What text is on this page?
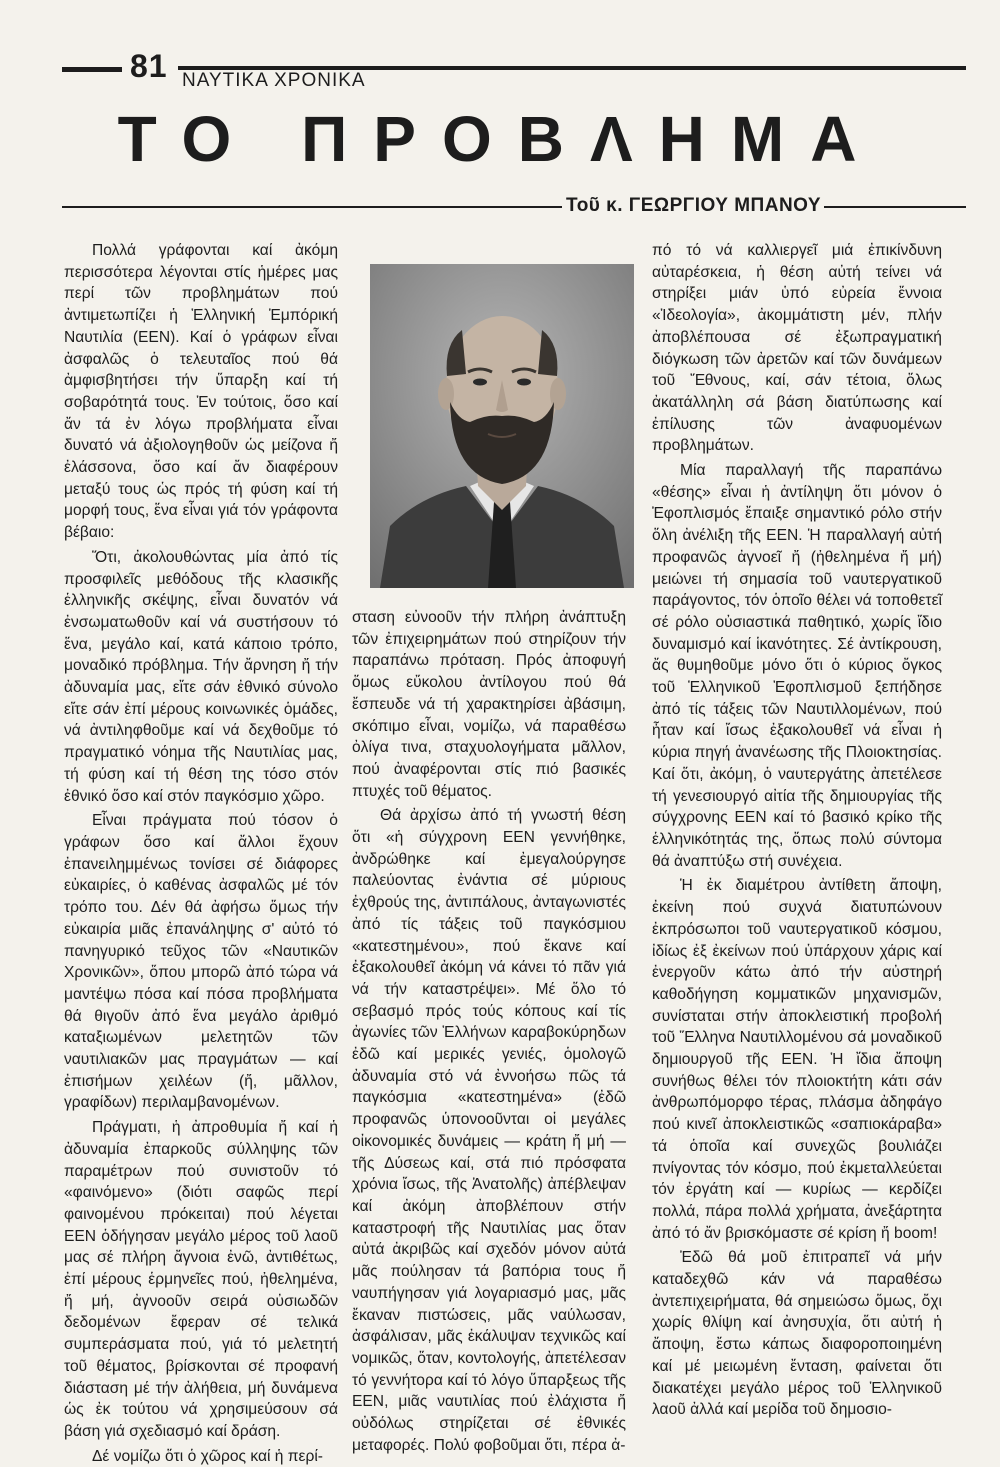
81 ΝΑΥΤΙΚΑ ΧΡΟΝΙΚΑ
ΤΟ ΠΡΟΒΛΗΜΑ
Τοῦ κ. ΓΕΩΡΓΙΟΥ ΜΠΑΝΟΥ

Πολλά γράφονται καί ἀκόμη περισσότερα λέγονται στίς ἡμέρες μας περί τῶν προβλημάτων πού ἀντιμετωπίζει ἡ Ἑλληνική Ἐμπόρική Ναυτιλία (ΕΕΝ). Καί ὁ γράφων εἶναι ἀσφαλῶς ὁ τελευταῖος πού θά ἀμφισβητήσει τήν ὕπαρξη καί τή σοβαρότητά τους. Ἐν τούτοις, ὅσο καί ἄν τά ἐν λόγω προβλήματα εἶναι δυνατό νά ἀξιολογηθοῦν ὡς μείζονα ἤ ἐλάσσονα, ὅσο καί ἄν διαφέρουν μεταξύ τους ὡς πρός τή φύση καί τή μορφή τους, ἕνα εἶναι γιά τόν γράφοντα βέβαιο:

Ὅτι, ἀκολουθώντας μία ἀπό τίς προσφιλεῖς μεθόδους τῆς κλασικῆς ἑλληνικῆς σκέψης, εἶναι δυνατόν νά ἐνσωματωθοῦν καί νά συστήσουν τό ἕνα, μεγάλο καί, κατά κάποιο τρόπο, μοναδικό πρόβλημα. Τήν ἄρνηση ἤ τήν ἀδυναμία μας, εἴτε σάν ἐθνικό σύνολο εἴτε σάν ἐπί μέρους κοινωνικές ὁμάδες, νά ἀντιληφθοῦμε καί νά δεχθοῦμε τό πραγματικό νόημα τῆς Ναυτιλίας μας, τή φύση καί τή θέση της τόσο στόν ἐθνικό ὅσο καί στόν παγκόσμιο χῶρο.

Εἶναι πράγματα πού τόσον ὁ γράφων ὅσο καί ἄλλοι ἔχουν ἐπανειλημμένως τονίσει σέ διάφορες εὐκαιρίες, ὁ καθένας ἀσφαλῶς μέ τόν τρόπο του. Δέν θά ἀφήσω ὅμως τήν εὐκαιρία μιᾶς ἐπανάληψης σ' αὐτό τό πανηγυρικό τεῦχος τῶν «Ναυτικῶν Χρονικῶν», ὅπου μπορῶ ἀπό τώρα νά μαντέψω πόσα καί πόσα προβλήματα θά θιγοῦν ἀπό ἕνα μεγάλο ἀριθμό καταξιωμένων μελετητῶν τῶν ναυτιλιακῶν μας πραγμάτων — καί ἐπισήμων χειλέων (ἤ, μᾶλλον, γραφίδων) περιλαμβανομένων.

Πράγματι, ἡ ἀπροθυμία ἤ καί ἡ ἀδυναμία ἐπαρκοῦς σύλληψης τῶν παραμέτρων πού συνιστοῦν τό «φαινόμενο» (διότι σαφῶς περί φαινομένου πρόκειται) πού λέγεται ΕΕΝ ὁδήγησαν μεγάλο μέρος τοῦ λαοῦ μας σέ πλήρη ἄγνοια ἐνῶ, ἀντιθέτως, ἐπί μέρους ἑρμηνεῖες πού, ἠθελημένα, ἤ μή, ἀγνοοῦν σειρά οὐσιωδῶν δεδομένων ἔφεραν σέ τελικά συμπεράσματα πού, γιά τό μελετητή τοῦ θέματος, βρίσκονται σέ προφανή διάσταση μέ τήν ἀλήθεια, μή δυνάμενα ὡς ἐκ τούτου νά χρησιμεύσουν σά βάση γιά σχεδιασμό καί δράση.

Δέ νομίζω ὅτι ὁ χῶρος καί ἡ περί-

σταση εὐνοοῦν τήν πλήρη ἀνάπτυξη τῶν ἐπιχειρημάτων πού στηρίζουν τήν παραπάνω πρόταση. Πρός ἀποφυγή ὅμως εὔκολου ἀντίλογου πού θά ἔσπευδε νά τή χαρακτηρίσει ἀβάσιμη, σκόπιμο εἶναι, νομίζω, νά παραθέσω ὀλίγα τινα, σταχυολογήματα μᾶλλον, πού ἀναφέρονται στίς πιό βασικές πτυχές τοῦ θέματος.

Θά ἀρχίσω ἀπό τή γνωστή θέση ὅτι «ἡ σύγχρονη ΕΕΝ γεννήθηκε, ἀνδρώθηκε καί ἐμεγαλούργησε παλεύοντας ἐνάντια σέ μύριους ἐχθρούς της, ἀντιπάλους, ἀνταγωνιστές ἀπό τίς τάξεις τοῦ παγκόσμιου «κατεστημένου», πού ἔκανε καί ἐξακολουθεῖ ἀκόμη νά κάνει τό πᾶν γιά νά τήν καταστρέψει». Μέ ὅλο τό σεβασμό πρός τούς κόπους καί τίς ἀγωνίες τῶν Ἑλλήνων καραβοκύρηδων ἐδῶ καί μερικές γενιές, ὁμολογῶ ἀδυναμία στό νά ἐννοήσω πῶς τά παγκόσμια «κατεστημένα» (ἐδῶ προφανῶς ὑπονοοῦνται οἱ μεγάλες οἰκονομικές δυνάμεις — κράτη ἤ μή — τῆς Δύσεως καί, στά πιό πρόσφατα χρόνια ἴσως, τῆς Ἀνατολῆς) ἀπέβλεψαν καί ἀκόμη ἀποβλέπουν στήν καταστροφή τῆς Ναυτιλίας μας ὅταν αὐτά ἀκριβῶς καί σχεδόν μόνον αὐτά μᾶς πούλησαν τά βαπόρια τους ἤ ναυπήγησαν γιά λογαριασμό μας, μᾶς ἔκαναν πιστώσεις, μᾶς ναύλωσαν, ἀσφάλισαν, μᾶς ἐκάλυψαν τεχνικῶς καί νομικῶς, ὅταν, κοντολογής, ἀπετέλεσαν τό γεννήτορα καί τό λόγο ὕπαρξεως τῆς ΕΕΝ, μιᾶς ναυτιλίας πού ἐλάχιστα ἤ οὐδόλως στηρίζεται σέ ἐθνικές μεταφορές. Πολύ φοβοῦμαι ὅτι, πέρα ἀ-

πό τό νά καλλιεργεῖ μιά ἐπικίνδυνη αὐταρέσκεια, ἡ θέση αὐτή τείνει νά στηρίξει μιάν ὑπό εὐρεία ἔννοια «Ἰδεολογία», ἀκομμάτιστη μέν, πλήν ἀποβλέπουσα σέ ἐξωπραγματική διόγκωση τῶν ἀρετῶν καί τῶν δυνάμεων τοῦ Ἔθνους, καί, σάν τέτοια, ὅλως ἀκατάλληλη σά βάση διατύπωσης καί ἐπίλυσης τῶν ἀναφυομένων προβλημάτων.

Μία παραλλαγή τῆς παραπάνω «θέσης» εἶναι ἡ ἀντίληψη ὅτι μόνον ὁ Ἐφοπλισμός ἔπαιξε σημαντικό ρόλο στήν ὅλη ἀνέλιξη τῆς ΕΕΝ. Ἡ παραλλαγή αὐτή προφανῶς ἀγνοεῖ ἤ (ἠθελημένα ἤ μή) μειώνει τή σημασία τοῦ ναυτεργατικοῦ παράγοντος, τόν ὁποῖο θέλει νά τοποθετεῖ σέ ρόλο οὐσιαστικά παθητικό, χωρίς ἴδιο δυναμισμό καί ἱκανότητες. Σέ ἀντίκρουση, ἄς θυμηθοῦμε μόνο ὅτι ὁ κύριος ὄγκος τοῦ Ἑλληνικοῦ Ἐφοπλισμοῦ ξεπήδησε ἀπό τίς τάξεις τῶν Ναυτιλλομένων, πού ἦταν καί ἴσως ἐξακολουθεῖ νά εἶναι ἡ κύρια πηγή ἀνανέωσης τῆς Πλοιοκτησίας. Καί ὅτι, ἀκόμη, ὁ ναυτεργάτης ἀπετέλεσε τή γενεσιουργό αἰτία τῆς δημιουργίας τῆς σύγχρονης ΕΕΝ καί τό βασικό κρίκο τῆς ἑλληνικότητάς της, ὅπως πολύ σύντομα θά ἀναπτύξω στή συνέχεια.

Ἡ ἐκ διαμέτρου ἀντίθετη ἄποψη, ἐκείνη πού συχνά διατυπώνουν ἐκπρόσωποι τοῦ ναυτεργατικοῦ κόσμου, ἰδίως ἐξ ἐκείνων πού ὑπάρχουν χάρις καί ἐνεργοῦν κάτω ἀπό τήν αὐστηρή καθοδήγηση κομματικῶν μηχανισμῶν, συνίσταται στήν ἀποκλειστική προβολή τοῦ Ἕλληνα Ναυτιλλομένου σά μοναδικοῦ δημιουργοῦ τῆς ΕΕΝ. Ἡ ἴδια ἄποψη συνήθως θέλει τόν πλοιοκτήτη κάτι σάν ἀνθρωπόμορφο τέρας, πλάσμα ἀδηφάγο πού κινεῖ ἀποκλειστικῶς «σαπιοκάραβα» τά ὁποῖα καί συνεχῶς βουλιάζει πνίγοντας τόν κόσμο, πού ἐκμεταλλεύεται τόν ἐργάτη καί — κυρίως — κερδίζει πολλά, πάρα πολλά χρήματα, ἀνεξάρτητα ἀπό τό ἄν βρισκόμαστε σέ κρίση ἤ boom!

Ἐδῶ θά μοῦ ἐπιτραπεῖ νά μήν καταδεχθῶ κάν νά παραθέσω ἀντεπιχειρήματα, θά σημειώσω ὅμως, ὄχι χωρίς θλίψη καί ἀνησυχία, ὅτι αὐτή ἡ ἄποψη, ἔστω κάπως διαφοροποιημένη καί μέ μειωμένη ἔνταση, φαίνεται ὅτι διακατέχει μεγάλο μέρος τοῦ Ἑλληνικοῦ λαοῦ ἀλλά καί μερίδα τοῦ δημοσιο-
